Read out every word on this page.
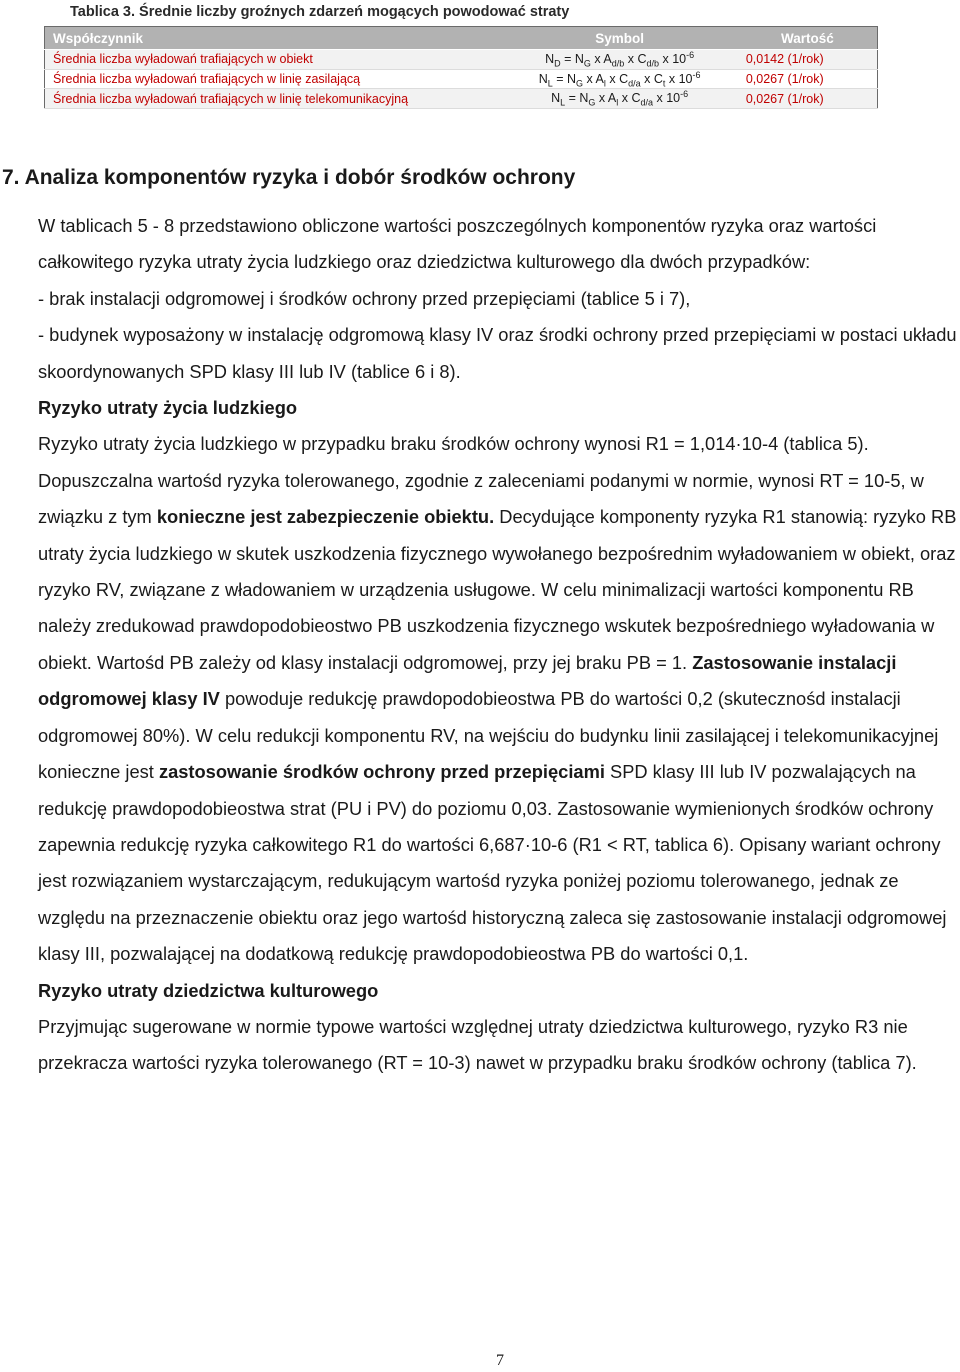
Tablica 3. Średnie liczby groźnych zdarzeń mogących powodować straty
Współczynnik	Symbol	Wartość
Średnia liczba wyładowań trafiających w obiekt	$N_D = N_G$ x $A_{d/b}$ x $C_{d/b}$ x $10^{-6}$	0,0142 (1/rok)
Średnia liczba wyładowań trafiających w linię zasilającą	$N_L = N_G$ x $A_l$ x $C_{d/a}$ x $C_t$ x $10^{-6}$	0,0267 (1/rok)
Średnia liczba wyładowań trafiających w linię telekomunikacyjną	$N_L = N_G$ x $A_l$ x $C_{d/a}$ x $10^{-6}$	0,0267 (1/rok)

7. Analiza komponentów ryzyka i dobór środków ochrony

W tablicach 5 - 8 przedstawiono obliczone wartości poszczególnych komponentów ryzyka oraz wartości całkowitego ryzyka utraty życia ludzkiego oraz dziedzictwa kulturowego dla dwóch przypadków:

- brak instalacji odgromowej i środków ochrony przed przepięciami (tablice 5 i 7),

- budynek wyposażony w instalację odgromową klasy IV oraz środki ochrony przed przepięciami w postaci układu skoordynowanych SPD klasy III lub IV (tablice 6 i 8).

Ryzyko utraty życia ludzkiego

Ryzyko utraty życia ludzkiego w przypadku braku środków ochrony wynosi R1 = 1,014·10-4 (tablica 5). Dopuszczalna wartośd ryzyka tolerowanego, zgodnie z zaleceniami podanymi w normie, wynosi RT = 10-5, w związku z tym konieczne jest zabezpieczenie obiektu. Decydujące komponenty ryzyka R1 stanowią: ryzyko RB utraty życia ludzkiego w skutek uszkodzenia fizycznego wywołanego bezpośrednim wyładowaniem w obiekt, oraz ryzyko RV, związane z władowaniem w urządzenia usługowe. W celu minimalizacji wartości komponentu RB należy zredukowad prawdopodobieostwo PB uszkodzenia fizycznego wskutek bezpośredniego wyładowania w obiekt. Wartośd PB zależy od klasy instalacji odgromowej, przy jej braku PB = 1. Zastosowanie instalacji odgromowej klasy IV powoduje redukcję prawdopodobieostwa PB do wartości 0,2 (skutecznośd instalacji odgromowej 80%). W celu redukcji komponentu RV, na wejściu do budynku linii zasilającej i telekomunikacyjnej konieczne jest zastosowanie środków ochrony przed przepięciami SPD klasy III lub IV pozwalających na redukcję prawdopodobieostwa strat (PU i PV) do poziomu 0,03. Zastosowanie wymienionych środków ochrony zapewnia redukcję ryzyka całkowitego R1 do wartości 6,687·10-6 (R1 < RT, tablica 6). Opisany wariant ochrony jest rozwiązaniem wystarczającym, redukującym wartośd ryzyka poniżej poziomu tolerowanego, jednak ze względu na przeznaczenie obiektu oraz jego wartośd historyczną zaleca się zastosowanie instalacji odgromowej klasy III, pozwalającej na dodatkową redukcję prawdopodobieostwa PB do wartości 0,1.

Ryzyko utraty dziedzictwa kulturowego

Przyjmując sugerowane w normie typowe wartości względnej utraty dziedzictwa kulturowego, ryzyko R3 nie przekracza wartości ryzyka tolerowanego (RT = 10-3) nawet w przypadku braku środków ochrony (tablica 7).

7
